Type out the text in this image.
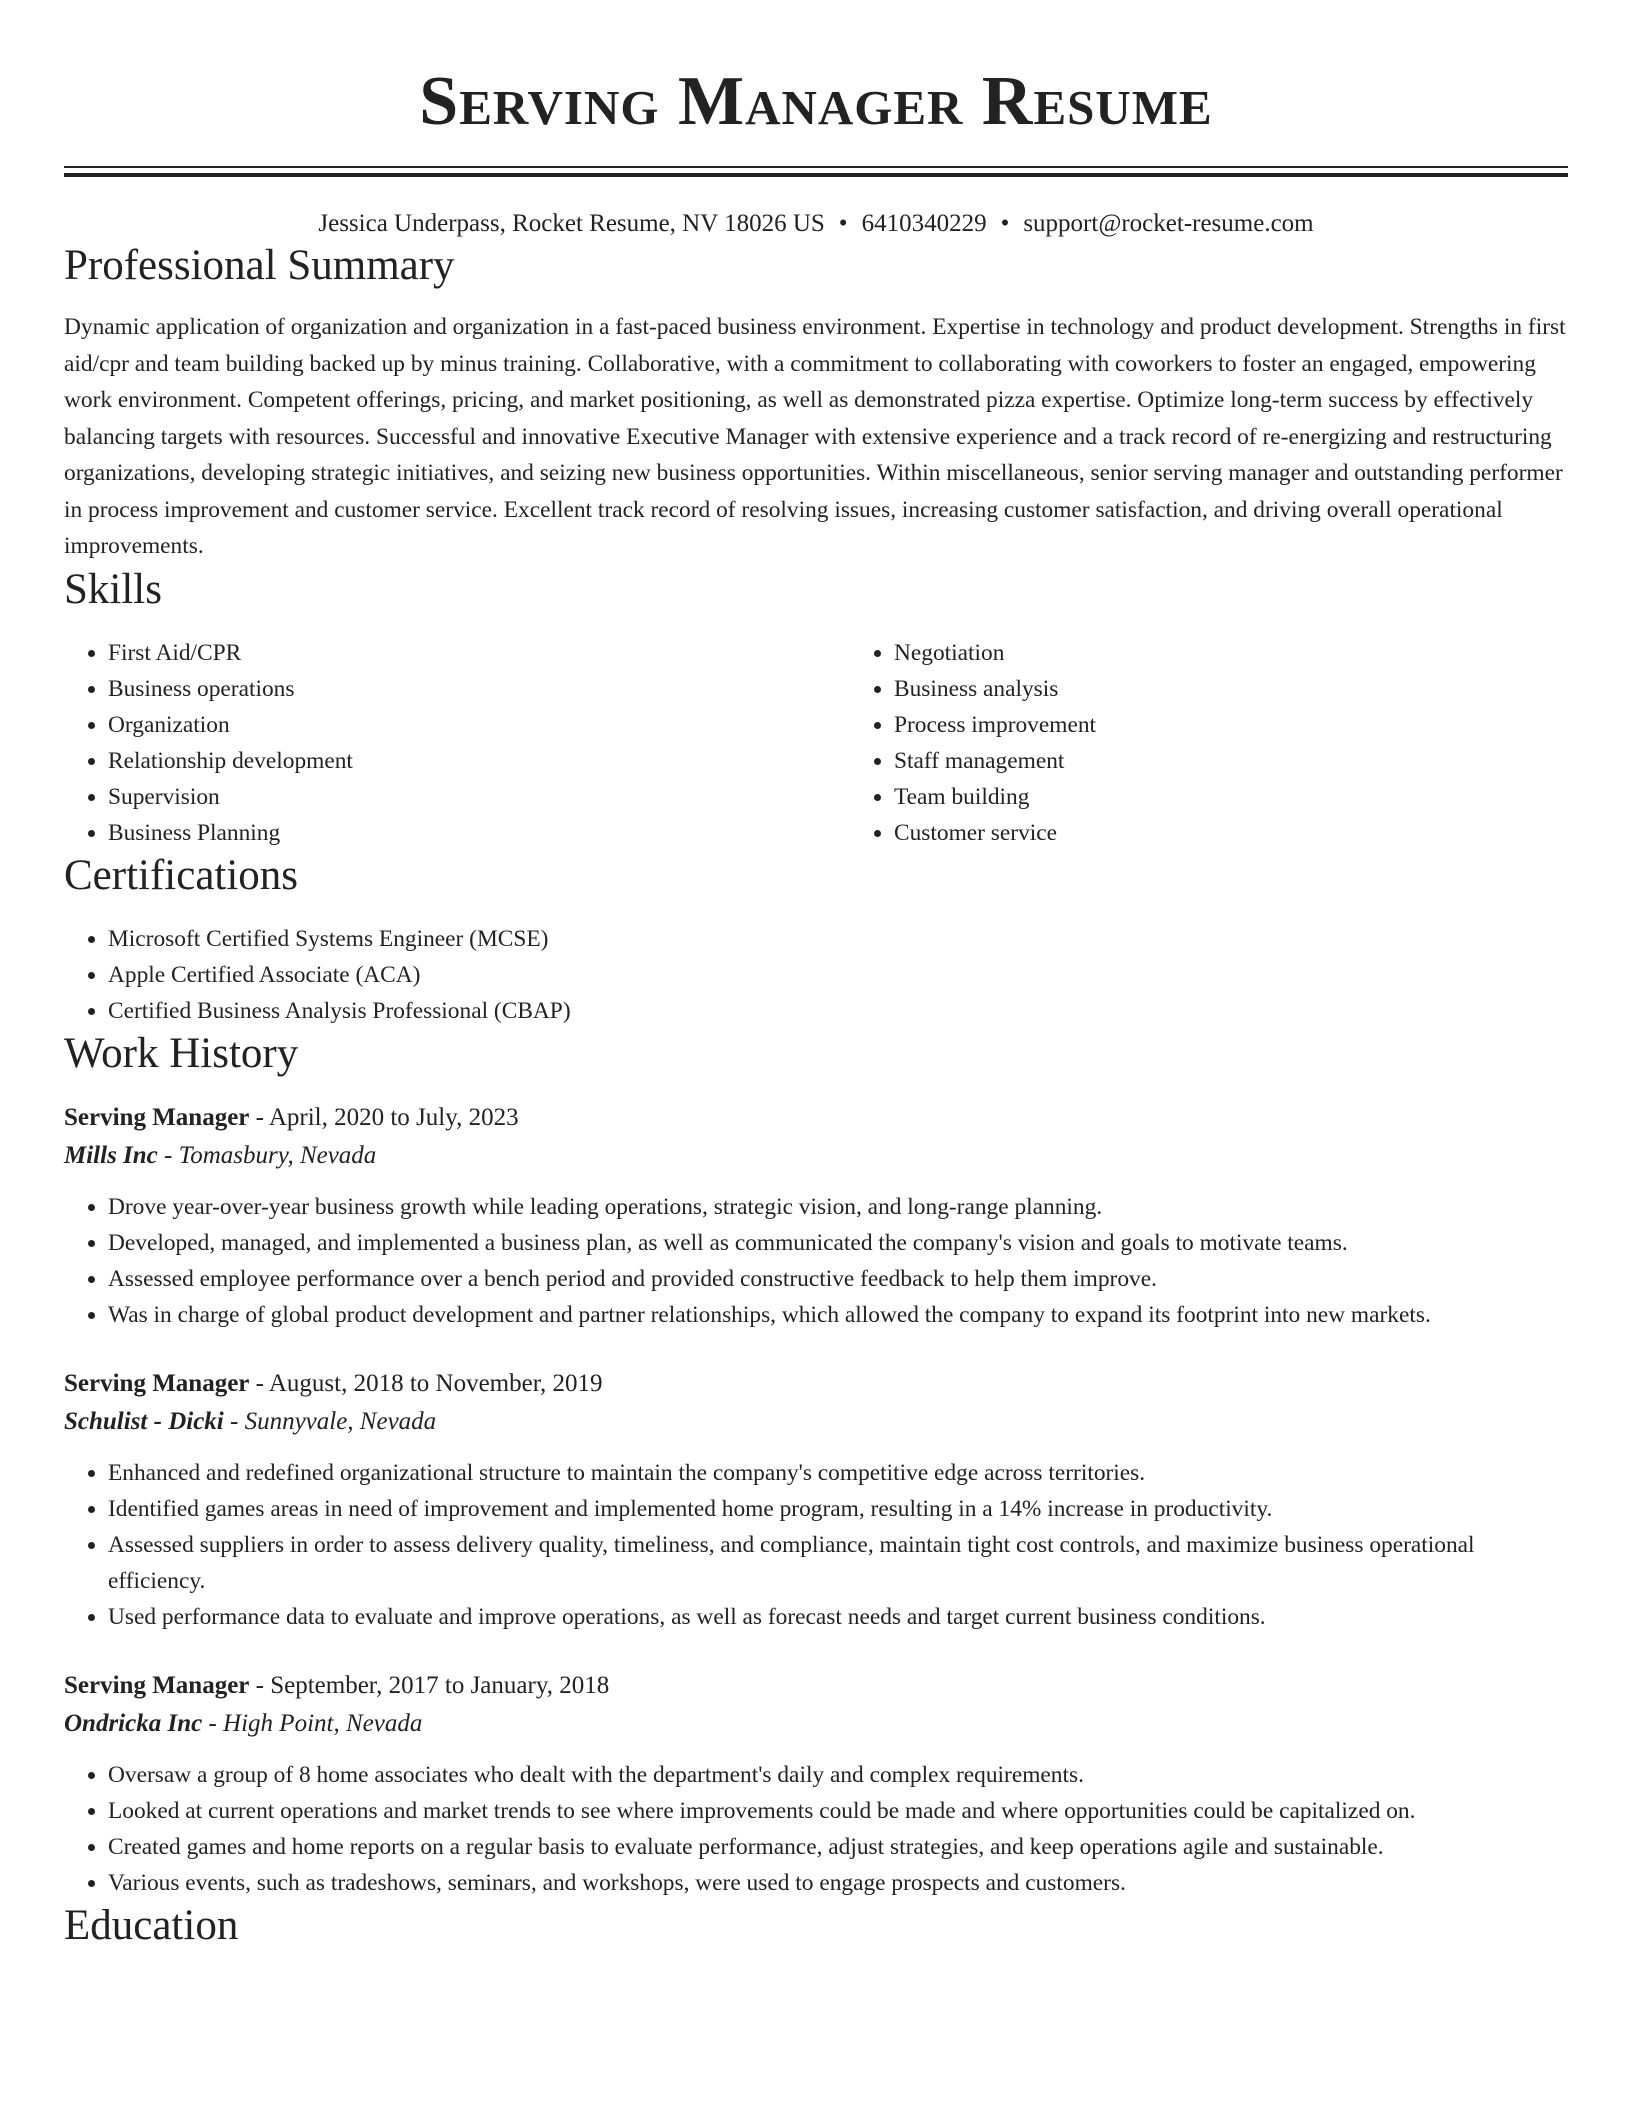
Serving Manager Resume
Jessica Underpass, Rocket Resume, NV 18026 US • 6410340229 • support@rocket-resume.com
Professional Summary
Dynamic application of organization and organization in a fast-paced business environment. Expertise in technology and product development. Strengths in first aid/cpr and team building backed up by minus training. Collaborative, with a commitment to collaborating with coworkers to foster an engaged, empowering work environment. Competent offerings, pricing, and market positioning, as well as demonstrated pizza expertise. Optimize long-term success by effectively balancing targets with resources. Successful and innovative Executive Manager with extensive experience and a track record of re-energizing and restructuring organizations, developing strategic initiatives, and seizing new business opportunities. Within miscellaneous, senior serving manager and outstanding performer in process improvement and customer service. Excellent track record of resolving issues, increasing customer satisfaction, and driving overall operational improvements.
Skills
• First Aid/CPR
• Business operations
• Organization
• Relationship development
• Supervision
• Business Planning
• Negotiation
• Business analysis
• Process improvement
• Staff management
• Team building
• Customer service
Certifications
• Microsoft Certified Systems Engineer (MCSE)
• Apple Certified Associate (ACA)
• Certified Business Analysis Professional (CBAP)
Work History
Serving Manager - April, 2020 to July, 2023
Mills Inc - Tomasbury, Nevada
• Drove year-over-year business growth while leading operations, strategic vision, and long-range planning.
• Developed, managed, and implemented a business plan, as well as communicated the company's vision and goals to motivate teams.
• Assessed employee performance over a bench period and provided constructive feedback to help them improve.
• Was in charge of global product development and partner relationships, which allowed the company to expand its footprint into new markets.
Serving Manager - August, 2018 to November, 2019
Schulist - Dicki - Sunnyvale, Nevada
• Enhanced and redefined organizational structure to maintain the company's competitive edge across territories.
• Identified games areas in need of improvement and implemented home program, resulting in a 14% increase in productivity.
• Assessed suppliers in order to assess delivery quality, timeliness, and compliance, maintain tight cost controls, and maximize business operational efficiency.
• Used performance data to evaluate and improve operations, as well as forecast needs and target current business conditions.
Serving Manager - September, 2017 to January, 2018
Ondricka Inc - High Point, Nevada
• Oversaw a group of 8 home associates who dealt with the department's daily and complex requirements.
• Looked at current operations and market trends to see where improvements could be made and where opportunities could be capitalized on.
• Created games and home reports on a regular basis to evaluate performance, adjust strategies, and keep operations agile and sustainable.
• Various events, such as tradeshows, seminars, and workshops, were used to engage prospects and customers.
Education
